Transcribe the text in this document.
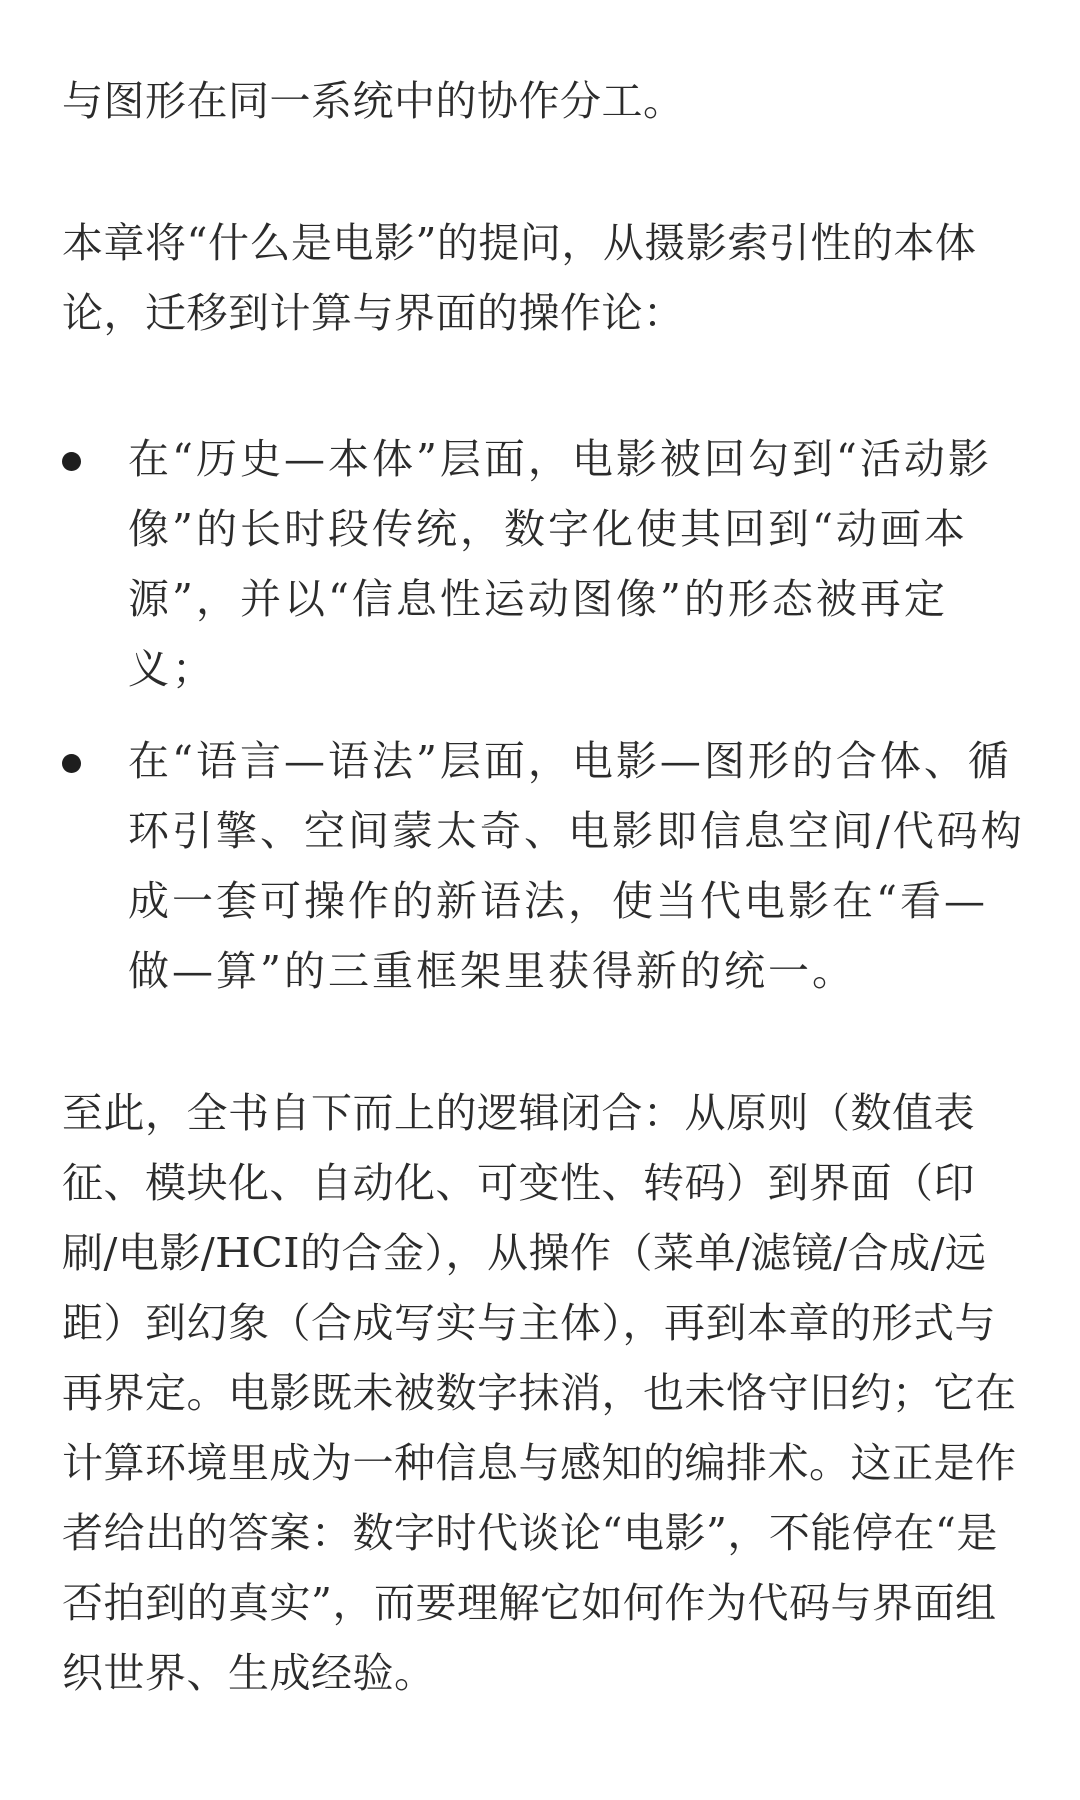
与图形在同一系统中的协作分工。

本章将“什么是电影”的提问，从摄影索引性的本体论，迁移到计算与界面的操作论：

在“历史—本体”层面，电影被回勾到“活动影像”的长时段传统，数字化使其回到“动画本源”，并以“信息性运动图像”的形态被再定义；
在“语言—语法”层面，电影—图形的合体、循环引擎、空间蒙太奇、电影即信息空间/代码构成一套可操作的新语法，使当代电影在“看—做—算”的三重框架里获得新的统一。

至此，全书自下而上的逻辑闭合：从原则（数值表征、模块化、自动化、可变性、转码）到界面（印刷/电影/HCI的合金），从操作（菜单/滤镜/合成/远距）到幻象（合成写实与主体），再到本章的形式与再界定。电影既未被数字抹消，也未恪守旧约；它在计算环境里成为一种信息与感知的编排术。这正是作者给出的答案：数字时代谈论“电影”，不能停在“是否拍到的真实”，而要理解它如何作为代码与界面组织世界、生成经验。
